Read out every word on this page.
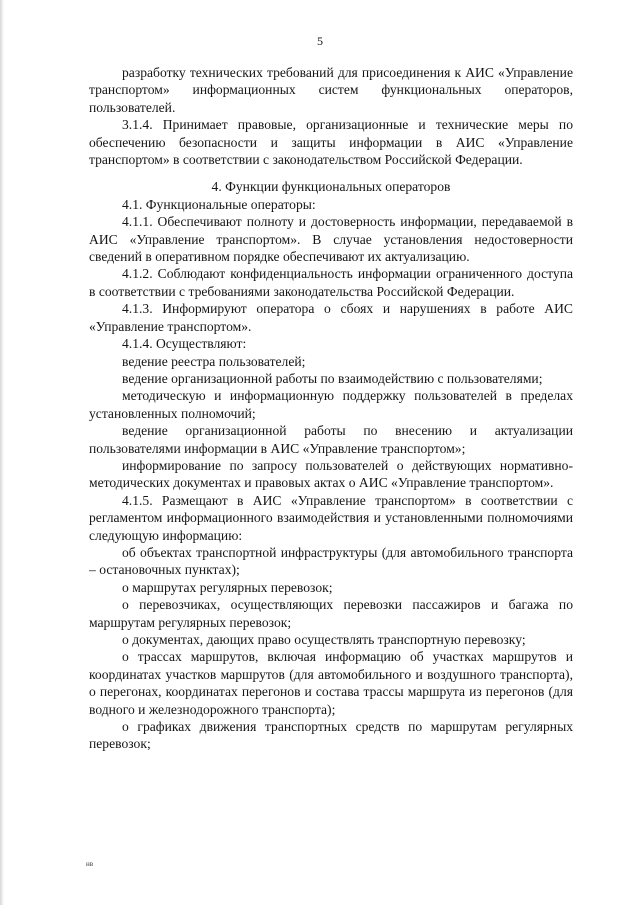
5

разработку технических требований для присоединения к АИС «Управление транспортом» информационных систем функциональных операторов, пользователей.

3.1.4. Принимает правовые, организационные и технические меры по обеспечению безопасности и защиты информации в АИС «Управление транспортом» в соответствии с законодательством Российской Федерации.

4. Функции функциональных операторов

4.1. Функциональные операторы:

4.1.1. Обеспечивают полноту и достоверность информации, передаваемой в АИС «Управление транспортом». В случае установления недостоверности сведений в оперативном порядке обеспечивают их актуализацию.

4.1.2. Соблюдают конфиденциальность информации ограниченного доступа в соответствии с требованиями законодательства Российской Федерации.

4.1.3. Информируют оператора о сбоях и нарушениях в работе АИС «Управление транспортом».

4.1.4. Осуществляют:

ведение реестра пользователей;

ведение организационной работы по взаимодействию с пользователями;

методическую и информационную поддержку пользователей в пределах установленных полномочий;

ведение организационной работы по внесению и актуализации пользователями информации в АИС «Управление транспортом»;

информирование по запросу пользователей о действующих нормативно-методических документах и правовых актах о АИС «Управление транспортом».

4.1.5. Размещают в АИС «Управление транспортом» в соответствии с регламентом информационного взаимодействия и установленными полномочиями следующую информацию:

об объектах транспортной инфраструктуры (для автомобильного транспорта – остановочных пунктах);

о маршрутах регулярных перевозок;

о перевозчиках, осуществляющих перевозки пассажиров и багажа по маршрутам регулярных перевозок;

о документах, дающих право осуществлять транспортную перевозку;

о трассах маршрутов, включая информацию об участках маршрутов и координатах участков маршрутов (для автомобильного и воздушного транспорта), о перегонах, координатах перегонов и состава трассы маршрута из перегонов (для водного и железнодорожного транспорта);

о графиках движения транспортных средств по маршрутам регулярных перевозок;

нв
